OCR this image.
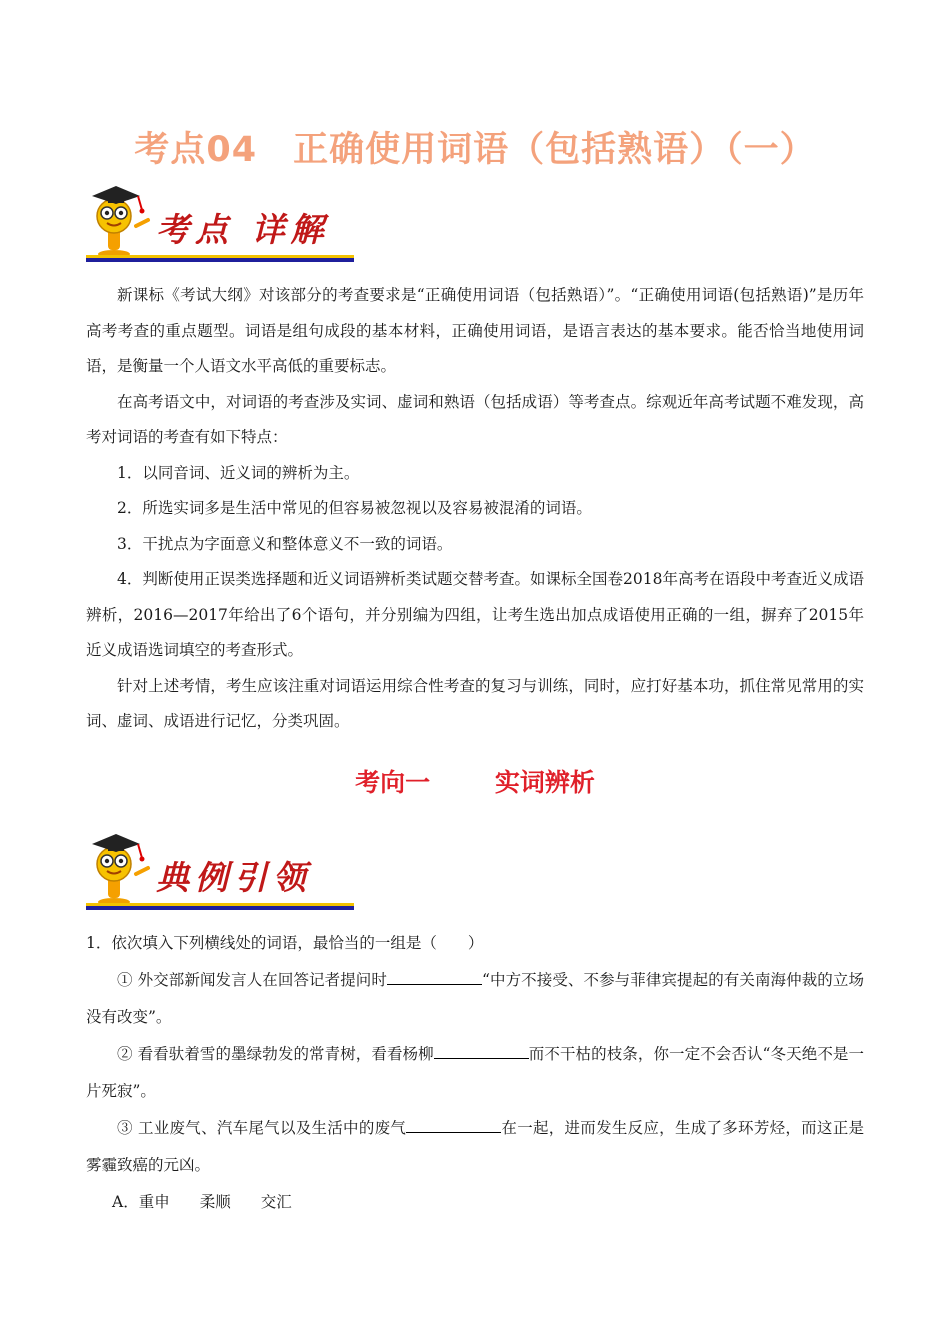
考点04　正确使用词语（包括熟语）（一）
考点 详解

新课标《考试大纲》对该部分的考查要求是“正确使用词语（包括熟语）”。“正确使用词语(包括熟语)”是历年高考考查的重点题型。词语是组句成段的基本材料，正确使用词语，是语言表达的基本要求。能否恰当地使用词语，是衡量一个人语文水平高低的重要标志。

在高考语文中，对词语的考查涉及实词、虚词和熟语（包括成语）等考查点。综观近年高考试题不难发现，高考对词语的考查有如下特点：

1．以同音词、近义词的辨析为主。

2．所选实词多是生活中常见的但容易被忽视以及容易被混淆的词语。

3．干扰点为字面意义和整体意义不一致的词语。

4．判断使用正误类选择题和近义词语辨析类试题交替考查。如课标全国卷2018年高考在语段中考查近义成语辨析，2016—2017年给出了6个语句，并分别编为四组，让考生选出加点成语使用正确的一组，摒弃了2015年近义成语选词填空的考查形式。

针对上述考情，考生应该注重对词语运用综合性考查的复习与训练，同时，应打好基本功，抓住常见常用的实词、虚词、成语进行记忆，分类巩固。

考向一	实词辨析
典例引领

1．依次填入下列横线处的词语，最恰当的一组是（　　）

① 外交部新闻发言人在回答记者提问时	“中方不接受、不参与菲律宾提起的有关南海仲裁的立场没有改变”。

② 看看驮着雪的墨绿勃发的常青树，看看杨柳	而不干枯的枝条，你一定不会否认“冬天绝不是一片死寂”。

③ 工业废气、汽车尾气以及生活中的废气	在一起，进而发生反应，生成了多环芳烃，而这正是雾霾致癌的元凶。

A．重申 柔顺 交汇
